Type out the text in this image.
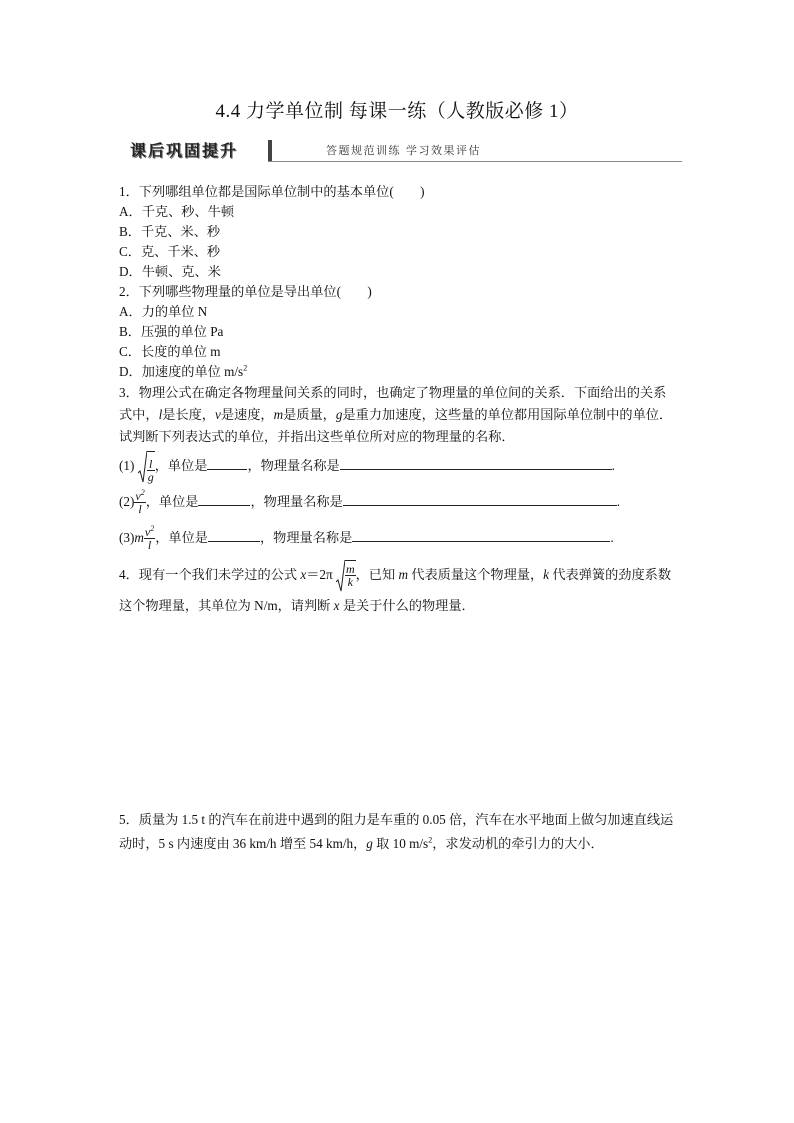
4.4 力学单位制 每课一练（人教版必修 1）
课后巩固提升	答题规范训练 学习效果评估
1．下列哪组单位都是国际单位制中的基本单位(　　)
A．千克、秒、牛顿
B．千克、米、秒
C．克、千米、秒
D．牛顿、克、米
2．下列哪些物理量的单位是导出单位(　　)
A．力的单位 N
B．压强的单位 Pa
C．长度的单位 m
D．加速度的单位 $m/s^2$
3．物理公式在确定各物理量间关系的同时，也确定了物理量的单位间的关系．下面给出的关系式中，l是长度，v是速度，m是质量，g是重力加速度，这些量的单位都用国际单位制中的单位．试判断下列表达式的单位，并指出这些单位所对应的物理量的名称．
$(1) \frac{l}{g}$ ，单位是	，物理量名称是	.
$(2) \frac{v^2}{l}$ ，单位是	，物理量名称是	.
$(3)m \frac{v^2}{l}$ ，单位是	，物理量名称是	.
4．现有一个我们未学过的公式 $x=2\pi \frac{m}{k}$ ，已知 m 代表质量这个物理量，k 代表弹簧的劲度系数这个物理量，其单位为 N/m，请判断 x 是关于什么的物理量．
5．质量为 1.5 t 的汽车在前进中遇到的阻力是车重的 0.05 倍，汽车在水平地面上做匀加速直线运动时，5 s 内速度由 36 km/h 增至 54 km/h，g 取 10 $m/s^2$，求发动机的牵引力的大小．
